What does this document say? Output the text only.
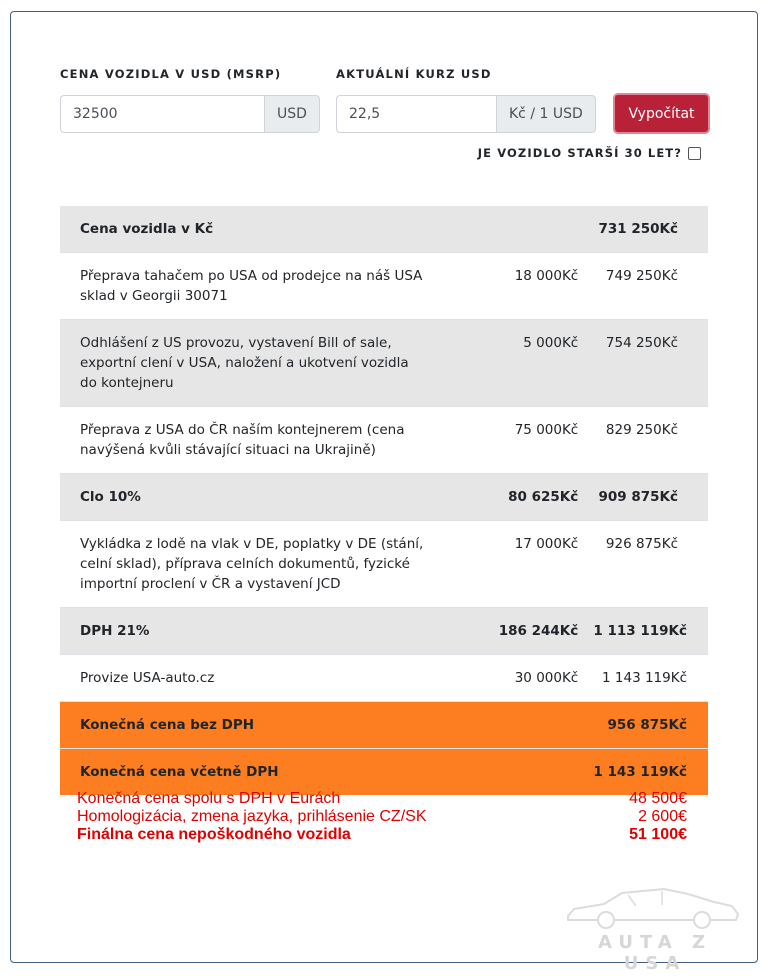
CENA VOZIDLA V USD (MSRP)
32500	USD
AKTUÁLNÍ KURZ USD
22,5	Kč / 1 USD	Vypočítat
JE VOZIDLO STARŠÍ 30 LET?
Cena vozidla v Kč		731 250Kč
Přeprava tahačem po USA od prodejce na náš USA sklad v Georgii 30071	18 000Kč	749 250Kč
Odhlášení z US provozu, vystavení Bill of sale, exportní clení v USA, naložení a ukotvení vozidla do kontejneru	5 000Kč	754 250Kč
Přeprava z USA do ČR naším kontejnerem (cena navýšená kvůli stávající situaci na Ukrajině)	75 000Kč	829 250Kč
Clo 10%	80 625Kč	909 875Kč
Vykládka z lodě na vlak v DE, poplatky v DE (stání, celní sklad), příprava celních dokumentů, fyzické importní proclení v ČR a vystavení JCD	17 000Kč	926 875Kč
DPH 21%	186 244Kč	1 113 119Kč
Provize USA-auto.cz	30 000Kč	1 143 119Kč
Konečná cena bez DPH		956 875Kč
Konečná cena včetně DPH		1 143 119Kč
Konečná cena spolu s DPH v Eurách	48 500€
Homologizácia, zmena jazyka, prihlásenie CZ/SK	2 600€
Finálna cena nepoškodného vozidla	51 100€
AUTA Z USA
